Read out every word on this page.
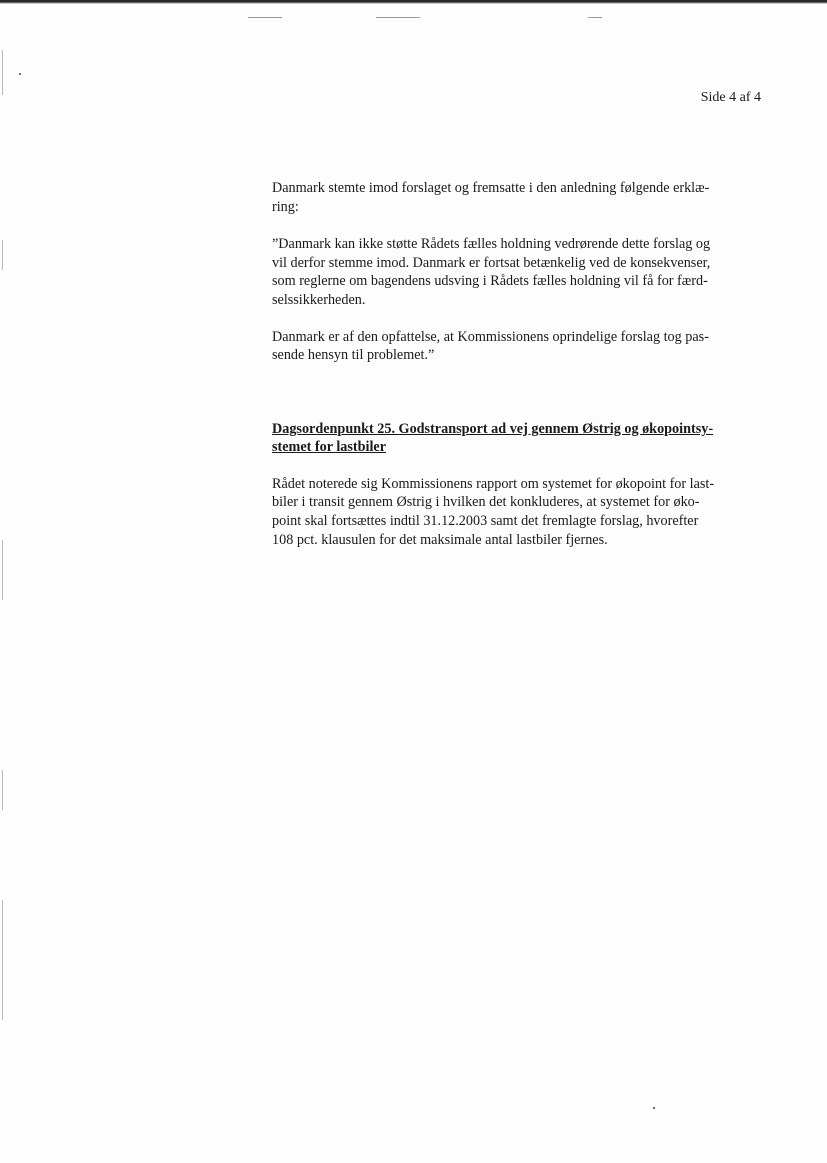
Side 4 af 4

Danmark stemte imod forslaget og fremsatte i den anledning følgende erklæ-
ring:

”Danmark kan ikke støtte Rådets fælles holdning vedrørende dette forslag og
vil derfor stemme imod. Danmark er fortsat betænkelig ved de konsekvenser,
som reglerne om bagendens udsving i Rådets fælles holdning vil få for færd-
selssikkerheden.

Danmark er af den opfattelse, at Kommissionens oprindelige forslag tog pas-
sende hensyn til problemet.”

Dagsordenpunkt 25. Godstransport ad vej gennem Østrig og økopointsy-
stemet for lastbiler

Rådet noterede sig Kommissionens rapport om systemet for økopoint for last-
biler i transit gennem Østrig i hvilken det konkluderes, at systemet for øko-
point skal fortsættes indtil 31.12.2003 samt det fremlagte forslag, hvorefter
108 pct. klausulen for det maksimale antal lastbiler fjernes.
